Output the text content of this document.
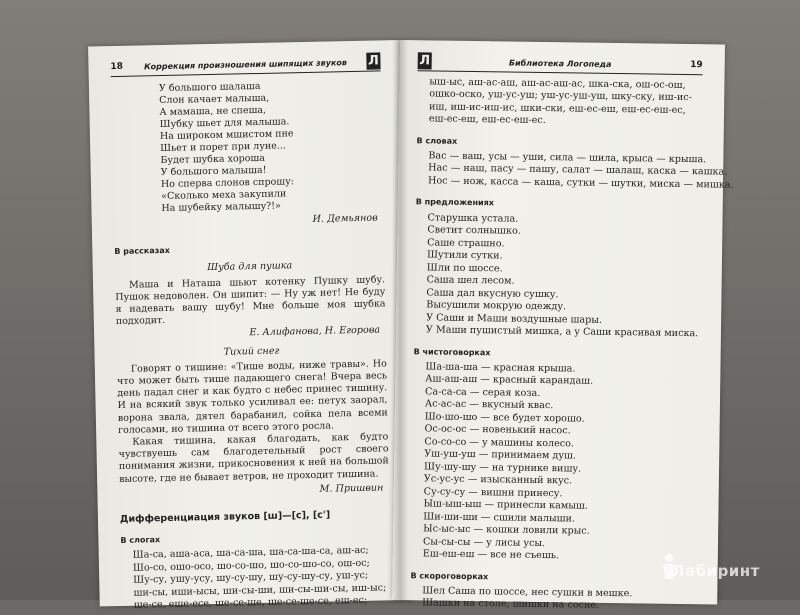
18	Коррекция произношения шипящих звуков	Л
У большого шалаша
Слон качает малыша,
А мамаша, не спеша,
Шубку шьет для малыша.
На широком мшистом пне
Шьет и порет при луне...
Будет шубка хороша
У большого малыша!
Но сперва слонов спрошу:
«Сколько меха закупили
На шубейку малышу?!»
И. Демьянов
В рассказах
Шуба для пушка

Маша и Наташа шьют котенку Пушку шубу. Пушок недоволен. Он шипит: — Ну уж нет! Не буду я надевать вашу шубу! Мне больше моя шубка подходит.

Е. Алифанова, Н. Егорова
Тихий снег

Говорят о тишине: «Тише воды, ниже травы». Но что может быть тише падающего снега! Вчера весь день падал снег и как будто с небес принес тишину. И на всякий звук только усиливал ее: петух заорал, ворона звала, дятел барабанил, сойка пела всеми голосами, но тишина от всего этого росла.

Какая тишина, какая благодать, как будто чувствуешь сам благодетельный рост своего понимания жизни, прикосновения к ней на большой высоте, где не бывает ветров, не проходит тишина.

М. Пришвин
Дифференциация звуков [ш]—[с], [с']
В слогах
Ша-са, аша-аса, ша-са-ша, ша-са-ша-са, аш-ас;
Шо-со, ошо-осо, шо-со-шо, шо-со-шо-со, ош-ос;
Шу-су, ушу-усу, шу-су-шу, шу-су-шу-су, уш-ус;
ши-сы, иши-ысы, ши-сы-ши, ши-сы-ши-сы, иш-ыс;
ше-се, еше-есе, ше-се-ше, ше-се-ше-се, еш-ес;
Л	Библиотека Логопеда	19
ыш-ыс, аш-ас-аш, аш-ас-аш-ас, шка-ска, ош-ос-ош,
ошко-оско, уш-ус-уш; уш-ус-уш-уш, шку-ску, иш-ис-
иш, иш-ис-иш-ис, шки-ски, еш-ес-еш, еш-ес-еш-ес,
еш-ес-еш, еш-ес-еш-ес.
В словах
Вас — ваш, усы — уши, сила — шила, крыса — крыша.
Нас — наш, пасу — пашу, салат — шалаш, каска — кашка.
Нос — нож, касса — каша, сутки — шутки, миска — мишка.
В предложениях
Старушка устала.
Светит солнышко.
Саше страшно.
Шутили сутки.
Шли по шоссе.
Саша шел лесом.
Саша дал вкусную сушку.
Высушили мокрую одежду.
У Саши и Маши воздушные шары.
У Маши пушистый мишка, а у Саши красивая миска.
В чистоговорках
Ша-ша-ша — красная крыша.
Аш-аш-аш — красный карандаш.
Са-са-са — серая коза.
Ас-ас-ас — вкусный квас.
Шо-шо-шо — все будет хорошо.
Ос-ос-ос — новенький насос.
Со-со-со — у машины колесо.
Уш-уш-уш — принимаем душ.
Шу-шу-шу — на турнике вишу.
Ус-ус-ус — изысканный вкус.
Су-су-су — вишни принесу.
Ыш-ыш-ыш — принесли камыш.
Ши-ши-ши — сшили малыши.
Ыс-ыс-ыс — кошки ловили крыс.
Сы-сы-сы — у лисы усы.
Еш-еш-еш — все не съешь.
В скороговорках
Шел Саша по шоссе, нес сушки в мешке.
Шашки на столе, шишки на сосне.
Лабиринт
